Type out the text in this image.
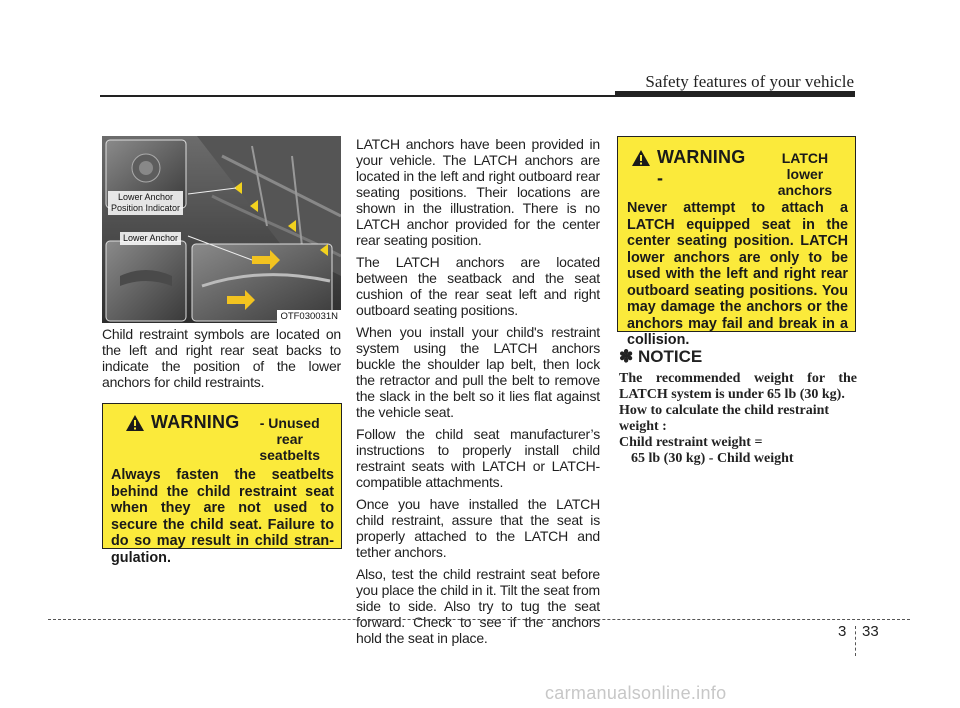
Safety features of your vehicle
Lower Anchor
Position Indicator
Lower Anchor
OTF030031N
Child restraint symbols are located on the left and right rear seat backs to indicate the position of the lower anchors for child restraints.
WARNING	- Unused rear
seatbelts
Always fasten the seatbelts behind the child restraint seat when they are not used to secure the child seat. Failure to do so may result in child stran-gulation.

LATCH anchors have been provided in your vehicle. The LATCH anchors are located in the left and right outboard rear seating positions. Their locations are shown in the illustration. There is no LATCH anchor provided for the center rear seating position.

The LATCH anchors are located between the seatback and the seat cushion of the rear seat left and right outboard seating positions.

When you install your child's restraint system using the LATCH anchors buckle the shoulder lap belt, then lock the retractor and pull the belt to remove the slack in the belt so it lies flat against the vehicle seat.

Follow the child seat manufacturer’s instructions to properly install child restraint seats with LATCH or LATCH-compatible attachments.

Once you have installed the LATCH child restraint, assure that the seat is properly attached to the LATCH and tether anchors.

Also, test the child restraint seat before you place the child in it. Tilt the seat from side to side. Also try to tug the seat forward. Check to see if the anchors hold the seat in place.

WARNING -
LATCH lower
anchors
Never attempt to attach a LATCH equipped seat in the center seating position. LATCH lower anchors are only to be used with the left and right rear outboard seating positions. You may damage the anchors or the anchors may fail and break in a collision.
✽ NOTICE
The recommended weight for the LATCH system is under 65 lb (30 kg).
How to calculate the child restraint weight :
Child restraint weight =
65 lb (30 kg) - Child weight
3 33
carmanualsonline.info
